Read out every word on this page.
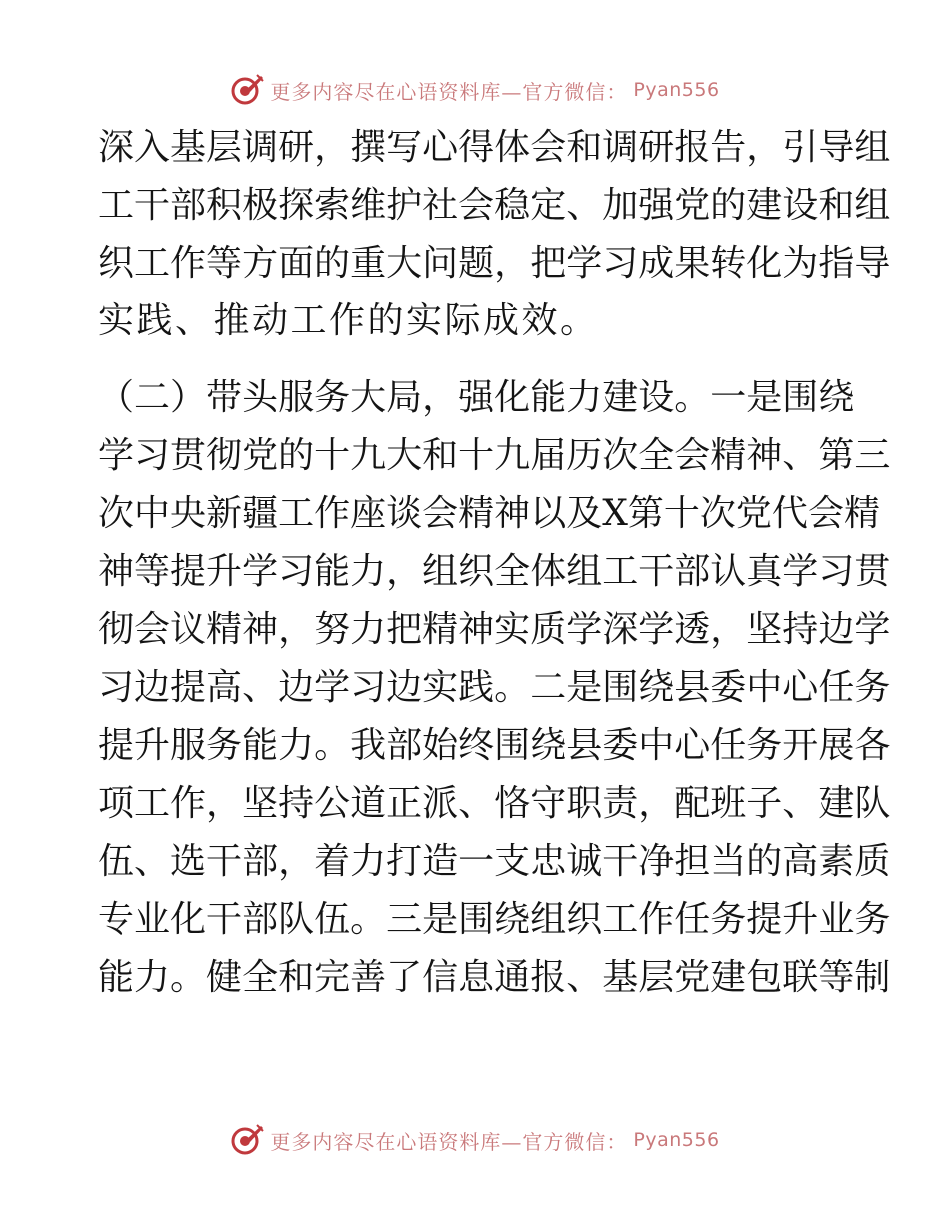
更多内容尽在心语资料库—官方微信： Pyan556
深 入 基 层 调 研 ， 撰 写 心 得 体 会 和 调 研 报 告 ， 引 导 组
工 干 部 积 极 探 索 维 护 社 会 稳 定 、 加 强 党 的 建 设 和 组
织 工 作 等 方 面 的 重 大 问 题 ， 把 学 习 成 果 转 化 为 指 导
实践、推动工作的实际成效。
（ 二 ） 带 头 服 务 大 局 ， 强 化 能 力 建 设 。 一 是 围 绕
学 习 贯 彻 党 的 十 九 大 和 十 九 届 历 次 全 会 精 神 、 第 三
次 中 央 新 疆 工 作 座 谈 会 精 神 以 及 X 第 十 次 党 代 会 精
神 等 提 升 学 习 能 力 ， 组 织 全 体 组 工 干 部 认 真 学 习 贯
彻 会 议 精 神 ， 努 力 把 精 神 实 质 学 深 学 透 ， 坚 持 边 学
习 边 提 高 、 边 学 习 边 实 践 。 二 是 围 绕 县 委 中 心 任 务
提 升 服 务 能 力 。 我 部 始 终 围 绕 县 委 中 心 任 务 开 展 各
项 工 作 ， 坚 持 公 道 正 派 、 恪 守 职 责 ， 配 班 子 、 建 队
伍 、 选 干 部 ， 着 力 打 造 一 支 忠 诚 干 净 担 当 的 高 素 质
专 业 化 干 部 队 伍 。 三 是 围 绕 组 织 工 作 任 务 提 升 业 务
能 力 。 健 全 和 完 善 了 信 息 通 报 、 基 层 党 建 包 联 等 制
更多内容尽在心语资料库—官方微信： Pyan556
